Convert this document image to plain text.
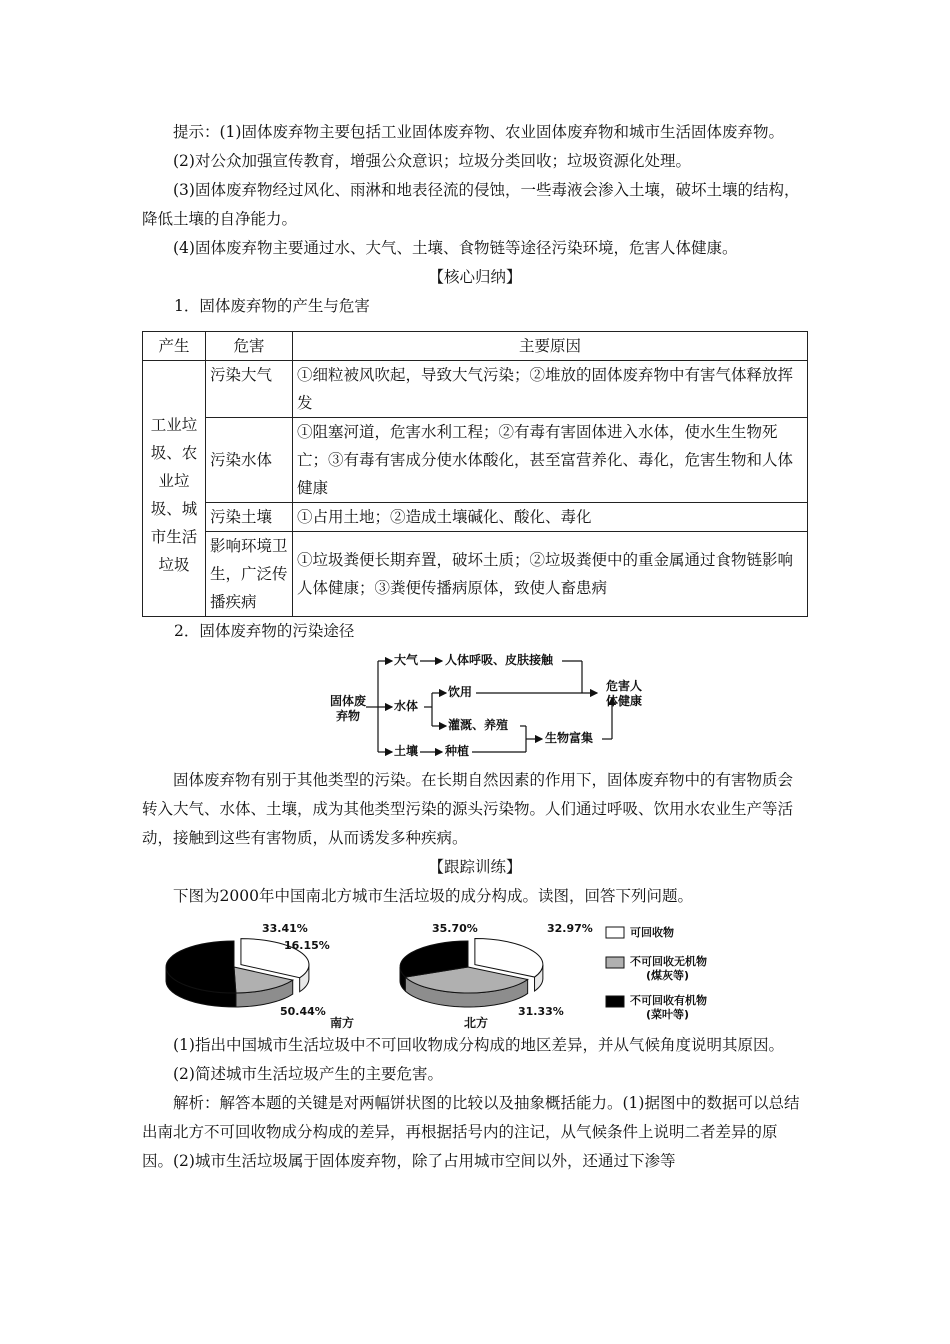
提示：(1)固体废弃物主要包括工业固体废弃物、农业固体废弃物和城市生活固体废弃物。

(2)对公众加强宣传教育，增强公众意识；垃圾分类回收；垃圾资源化处理。

(3)固体废弃物经过风化、雨淋和地表径流的侵蚀，一些毒液会渗入土壤，破坏土壤的结构，降低土壤的自净能力。

(4)固体废弃物主要通过水、大气、土壤、食物链等途径污染环境，危害人体健康。

【核心归纳】

1．固体废弃物的产生与危害

产生	危害	主要原因
工业垃圾、农业垃圾、城市生活垃圾	污染大气	①细粒被风吹起，导致大气污染；②堆放的固体废弃物中有害气体释放挥发
	污染水体	①阻塞河道，危害水利工程；②有毒有害固体进入水体，使水生生物死亡；③有毒有害成分使水体酸化，甚至富营养化、毒化，危害生物和人体健康
	污染土壤	①占用土地；②造成土壤碱化、酸化、毒化
	影响环境卫生，广泛传播疾病	①垃圾粪便长期弃置，破坏土质；②垃圾粪便中的重金属通过食物链影响人体健康；③粪便传播病原体，致使人畜患病

2．固体废弃物的污染途径

固体废弃物
大气 人体呼吸、皮肤接触
水体
饮用
灌溉、养殖
土壤 种植
生物富集
危害人体健康

固体废弃物有别于其他类型的污染。在长期自然因素的作用下，固体废弃物中的有害物质会转入大气、水体、土壤，成为其他类型污染的源头污染物。人们通过呼吸、饮用水农业生产等活动，接触到这些有害物质，从而诱发多种疾病。

【跟踪训练】

下图为2000年中国南北方城市生活垃圾的成分构成。读图，回答下列问题。

33.41%
16.15%
50.44%
南方
32.97%
35.70%
31.33%
北方
可回收物
不可回收无机物
(煤灰等)
不可回收有机物
(菜叶等)

(1)指出中国城市生活垃圾中不可回收物成分构成的地区差异，并从气候角度说明其原因。

(2)简述城市生活垃圾产生的主要危害。

解析：解答本题的关键是对两幅饼状图的比较以及抽象概括能力。(1)据图中的数据可以总结出南北方不可回收物成分构成的差异，再根据括号内的注记，从气候条件上说明二者差异的原因。(2)城市生活垃圾属于固体废弃物，除了占用城市空间以外，还通过下渗等
